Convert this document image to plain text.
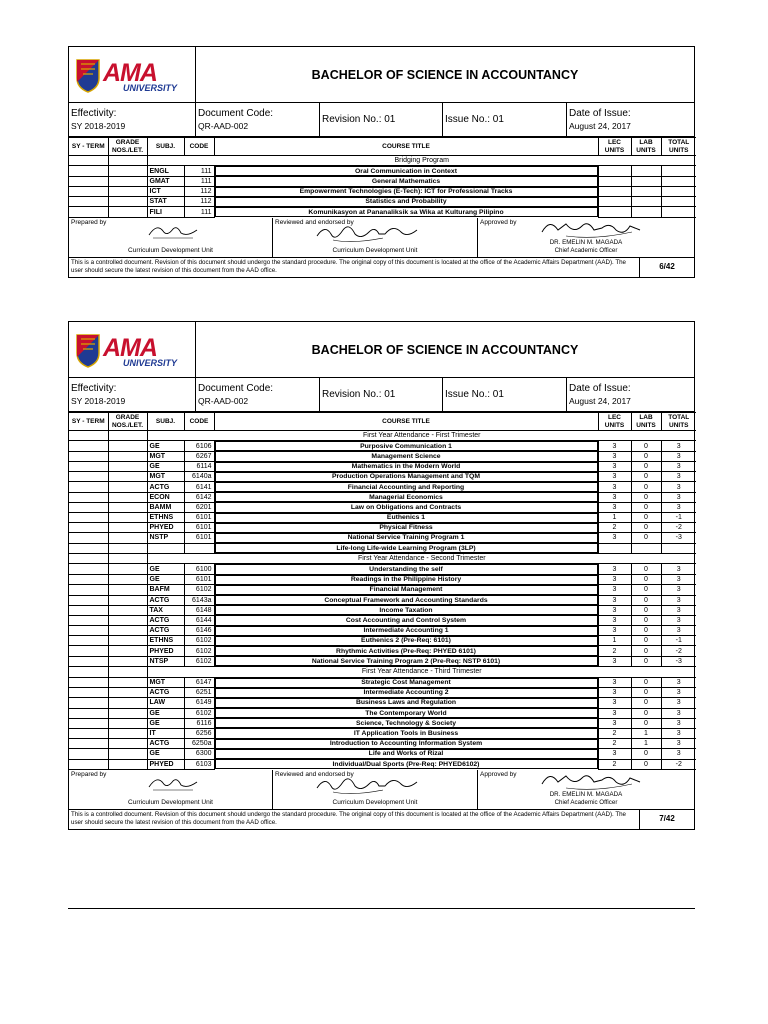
AMA
UNIVERSITY
BACHELOR OF SCIENCE IN ACCOUNTANCY
Effectivity:
SY 2018-2019
Document Code:
QR-AAD-002
Revision No.: 01	Issue No.: 01
Date of Issue:
August 24, 2017
SY - TERM	GRADE NOS./LET.	SUBJ.	CODE	COURSE TITLE	LEC UNITS	LAB UNITS	TOTAL UNITS
		Bridging Program					
		ENGL	111		Oral Communication in Context

		GMAT	111		General Mathematics

		ICT	112		Empowerment Technologies (E-Tech): ICT for Professional Tracks

		STAT	112		Statistics and Probability

		FILI	111		Komunikasyon at Pananaliksik sa Wika at Kulturang Pilipino

Prepared by
Curriculum Development Unit
Reviewed and endorsed by
Curriculum Development Unit
Approved by
DR. EMELIN M. MAGADA
Chief Academic Officer
This is a controlled document. Revision of this document should undergo the standard procedure. The original copy of this document is located at the office of the Academic Affairs Department (AAD). The user should secure the latest revision of this document from the AAD office.	6/42
AMA
UNIVERSITY
BACHELOR OF SCIENCE IN ACCOUNTANCY
Effectivity:
SY 2018-2019
Document Code:
QR-AAD-002
Revision No.: 01	Issue No.: 01
Date of Issue:
August 24, 2017
SY - TERM	GRADE NOS./LET.	SUBJ.	CODE	COURSE TITLE	LEC UNITS	LAB UNITS	TOTAL UNITS
		First Year Attendance - First Trimester					
		GE	6106		Purposive Communication 1	3	0	3
		MGT	6267		Management Science	3	0	3
		GE	6114		Mathematics in the Modern World	3	0	3
		MGT	6140a		Production Operations Management and TQM	3	0	3
		ACTG	6141		Financial Accounting and Reporting	3	0	3
		ECON	6142		Managerial Economics	3	0	3
		BAMM	6201		Law on Obligations and Contracts	3	0	3
		ETHNS	6101		Euthenics 1	1	0	-1
		PHYED	6101		Physical Fitness	2	0	-2
		NSTP	6101		National Service Training Program 1	3	0	-3

Life-long Life-wide Learning Program (3LP)

		First Year Attendance - Second Trimester					
		GE	6100		Understanding the self	3	0	3
		GE	6101		Readings in the Philippine History	3	0	3
		BAFM	6102		Financial Management	3	0	3
		ACTG	6143a		Conceptual Framework and Accounting Standards	3	0	3
		TAX	6148		Income Taxation	3	0	3
		ACTG	6144		Cost Accounting and Control System	3	0	3
		ACTG	6146		Intermediate Accounting 1	3	0	3
		ETHNS	6102		Euthenics 2 (Pre-Req: 6101)	1	0	-1
		PHYED	6102		Rhythmic Activities (Pre-Req: PHYED 6101)	2	0	-2
		NTSP	6102		National Service Training Program 2 (Pre-Req: NSTP 6101)	3	0	-3
		First Year Attendance - Third Trimester					
		MGT	6147		Strategic Cost Management	3	0	3
		ACTG	6251		Intermediate Accounting 2	3	0	3
		LAW	6149		Business Laws and Regulation	3	0	3
		GE	6102		The Contemporary World	3	0	3
		GE	6116		Science, Technology & Society	3	0	3
		IT	6256		IT Application Tools in Business	2	1	3
		ACTG	6250a		Introduction to Accounting Information System	2	1	3
		GE	6300		Life and Works of Rizal	3	0	3
		PHYED	6103		Individual/Dual Sports (Pre-Req: PHYED6102)	2	0	-2
Prepared by
Curriculum Development Unit
Reviewed and endorsed by
Curriculum Development Unit
Approved by
DR. EMELIN M. MAGADA
Chief Academic Officer
This is a controlled document. Revision of this document should undergo the standard procedure. The original copy of this document is located at the office of the Academic Affairs Department (AAD). The user should secure the latest revision of this document from the AAD office.	7/42
